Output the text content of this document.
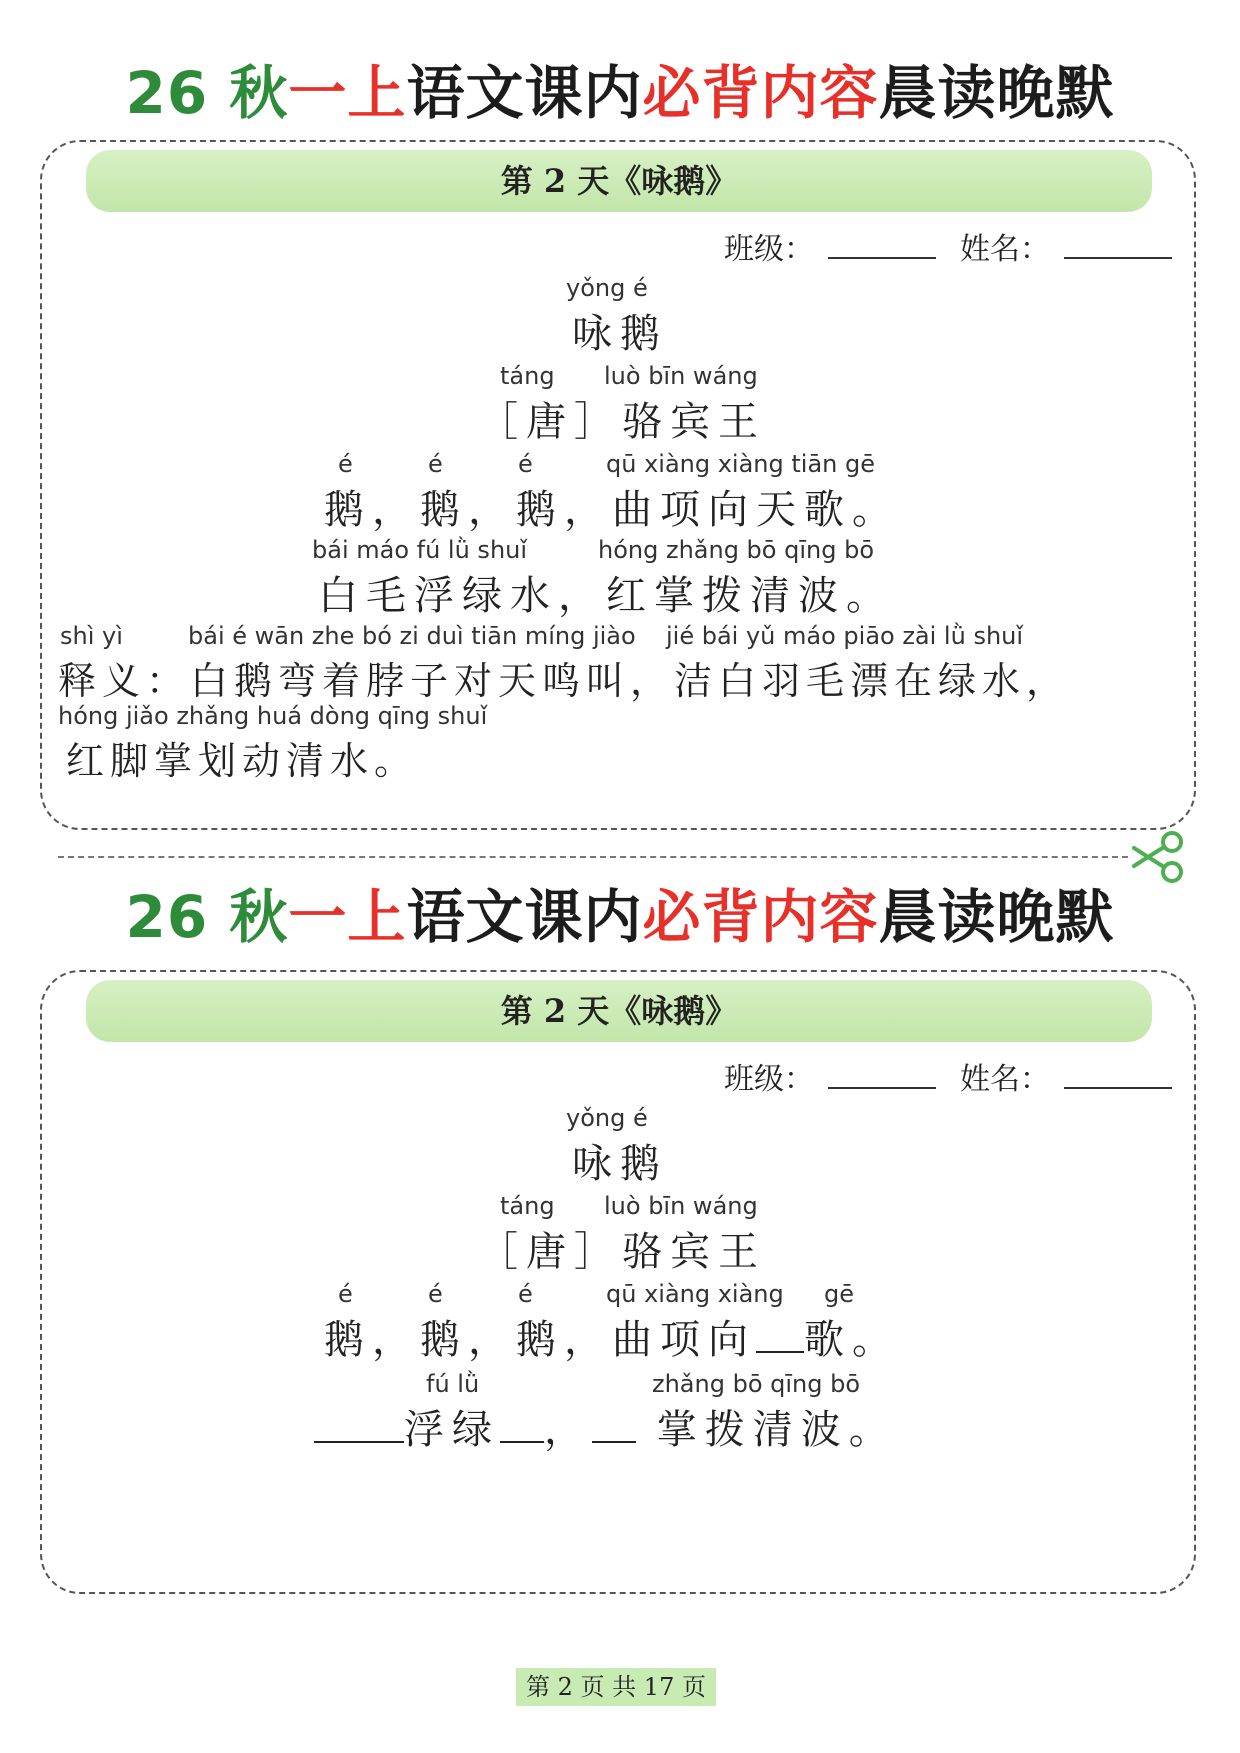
26 秋一上语文课内必背内容晨读晚默
第 2 天《咏鹅》
班级：	姓名：
yǒng é
咏鹅
táng luò bīn wáng
［唐］骆宾王
é	é	é	qū xiàng xiàng tiān gē
鹅，鹅，鹅，曲项向天歌。
bái máo fú lǜ shuǐ	hóng zhǎng bō qīng bō
白毛浮绿水，红掌拨清波。
shì yì	bái é wān zhe bó zi duì tiān míng jiào jié bái yǔ máo piāo zài lǜ shuǐ
释义：白鹅弯着脖子对天鸣叫，洁白羽毛漂在绿水，
hóng jiǎo zhǎng huá dòng qīng shuǐ
红脚掌划动清水。
26 秋一上语文课内必背内容晨读晚默
第 2 天《咏鹅》
班级：	姓名：
yǒng é
咏鹅
táng luò bīn wáng
［唐］骆宾王
é	é	é	qū xiàng xiàng gē
鹅，鹅，鹅，曲项向 歌。
fú lǜ	zhǎng bō qīng bō
浮绿 ， 掌拨清波。
第 2 页 共 17 页
